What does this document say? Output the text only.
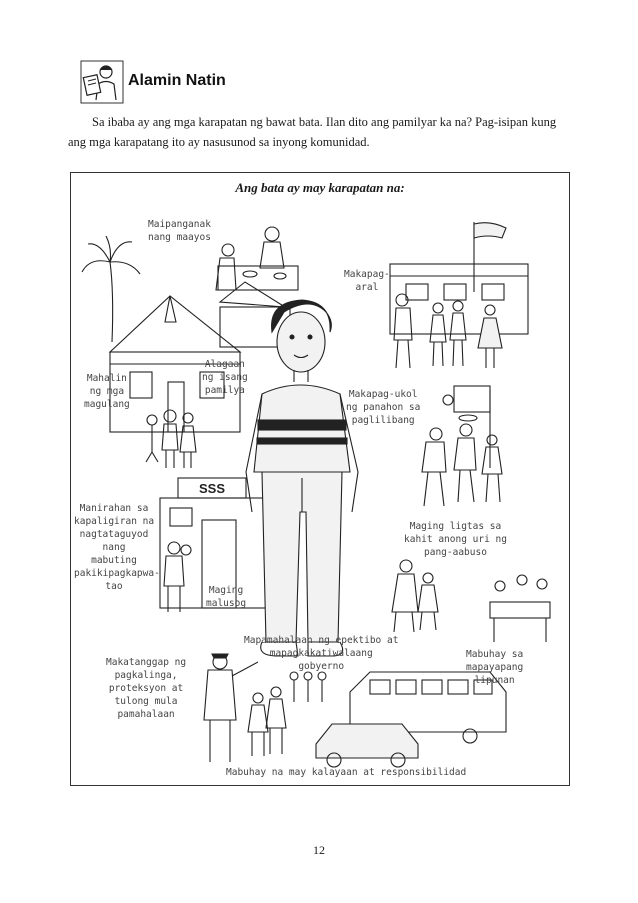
Alamin Natin
Sa ibaba ay ang mga karapatan ng bawat bata. Ilan dito ang pamilyar ka na? Pag-isipan kung ang mga karapatang ito ay nasusunod sa inyong komunidad.
SSS
Ang bata ay may karapatan na:
Maipanganak
nang maayos
Makapag-
aral
Alagaan
ng isang
pamilya
Mahalin
ng mga
magulang
Makapag-ukol
ng panahon sa
paglilibang
Manirahan sa
kapaligiran na
nagtataguyod
nang
mabuting
pakikipagkapwa-
tao
Maging ligtas sa
kahit anong uri ng
pang-aabuso
Maging
malusog
Mapamahalaan ng epektibo at
mapagkakatiwalaang
gobyerno
Makatanggap ng
pagkalinga,
proteksyon at
tulong mula
pamahalaan
Mabuhay sa
mapayapang
lipunan
Mabuhay na may kalayaan at responsibilidad
12
